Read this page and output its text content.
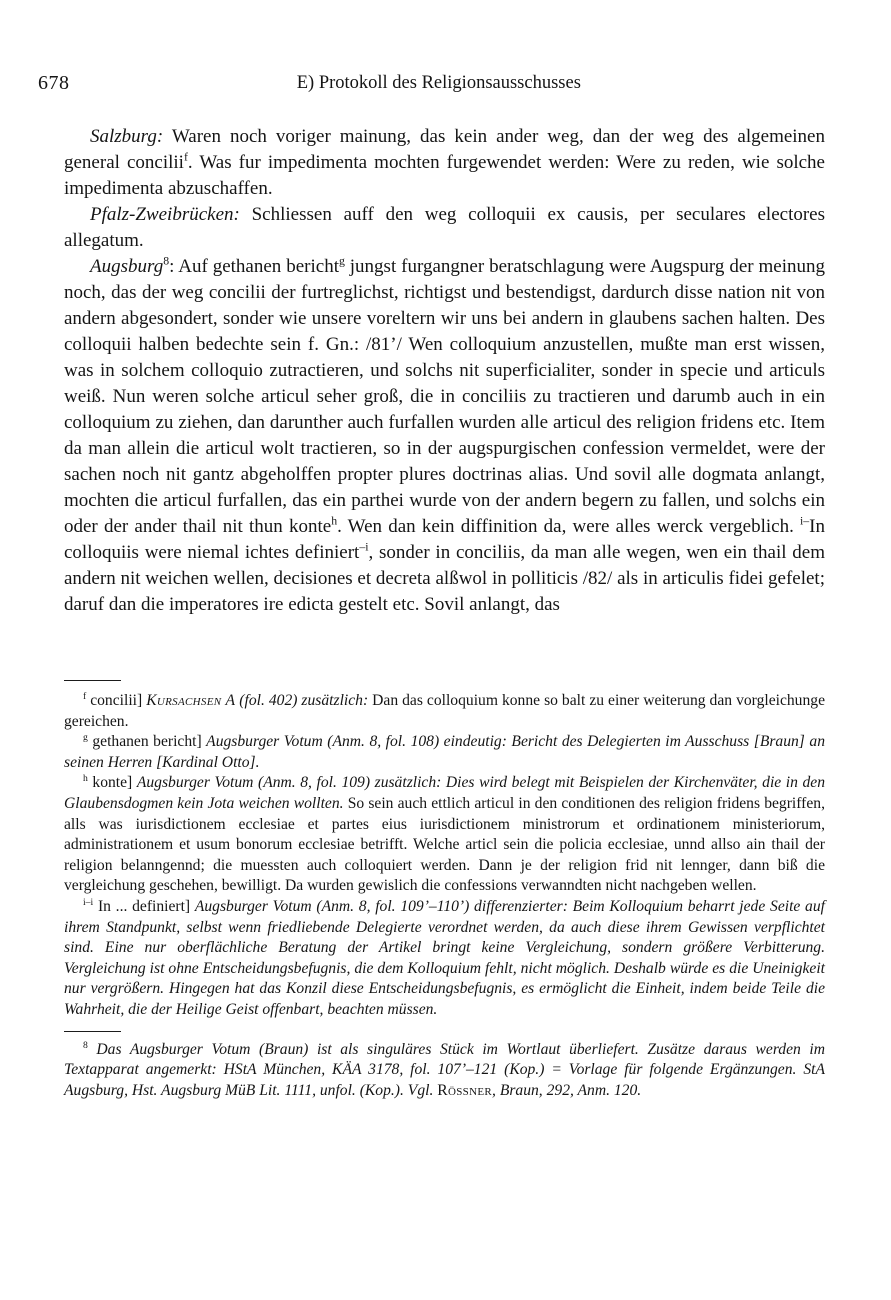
678	E) Protokoll des Religionsausschusses

Salzburg: Waren noch voriger mainung, das kein ander weg, dan der weg des algemeinen general concilii$^f$. Was fur impedimenta mochten furgewendet werden: Were zu reden, wie solche impedimenta abzuschaffen.

Pfalz-Zweibrücken: Schliessen auff den weg colloquii ex causis, per seculares electores allegatum.

Augsburg$^8$: Auf gethanen bericht$^g$ jungst furgangner beratschlagung were Augspurg der meinung noch, das der weg concilii der furtreglichst, richtigst und bestendigst, dardurch disse nation nit von andern abgesondert, sonder wie unsere voreltern wir uns bei andern in glaubens sachen halten. Des colloquii halben bedechte sein f. Gn.: /81’/ Wen colloquium anzustellen, mußte man erst wissen, was in solchem colloquio zutractieren, und solchs nit superficialiter, sonder in specie und articuls weiß. Nun weren solche articul seher groß, die in conciliis zu tractieren und darumb auch in ein colloquium zu ziehen, dan darunther auch furfallen wurden alle articul des religion fridens etc. Item da man allein die articul wolt tractieren, so in der augspurgischen confession vermeldet, were der sachen noch nit gantz abgeholffen propter plures doctrinas alias. Und sovil alle dogmata anlangt, mochten die articul furfallen, das ein parthei wurde von der andern begern zu fallen, und solchs ein oder der ander thail nit thun konte$^h$. Wen dan kein diffinition da, were alles werck vergeblich. $^{i-}$In colloquiis were niemal ichtes definiert$^{-i}$, sonder in conciliis, da man alle wegen, wen ein thail dem andern nit weichen wellen, decisiones et decreta alßwol in polliticis /82/ als in articulis fidei gefelet; daruf dan die imperatores ire edicta gestelt etc. Sovil anlangt, das

$^f$ concilii] Kursachsen A (fol. 402) zusätzlich: Dan das colloquium konne so balt zu einer weiterung dan vorgleichunge gereichen.

$^g$ gethanen bericht] Augsburger Votum (Anm. 8, fol. 108) eindeutig: Bericht des Delegierten im Ausschuss [Braun] an seinen Herren [Kardinal Otto].

$^h$ konte] Augsburger Votum (Anm. 8, fol. 109) zusätzlich: Dies wird belegt mit Beispielen der Kirchenväter, die in den Glaubensdogmen kein Jota weichen wollten. So sein auch ettlich articul in den conditionen des religion fridens begriffen, alls was iurisdictionem ecclesiae et partes eius iurisdictionem ministrorum et ordinationem ministeriorum, administrationem et usum bonorum ecclesiae betrifft. Welche articl sein die policia ecclesiae, unnd allso ain thail der religion belanngennd; die muessten auch colloquiert werden. Dann je der religion frid nit lennger, dann biß die vergleichung geschehen, bewilligt. Da wurden gewislich die confessions verwanndten nicht nachgeben wellen.

$^{i-i}$ In ... definiert] Augsburger Votum (Anm. 8, fol. 109’–110’) differenzierter: Beim Kolloquium beharrt jede Seite auf ihrem Standpunkt, selbst wenn friedliebende Delegierte verordnet werden, da auch diese ihrem Gewissen verpflichtet sind. Eine nur oberflächliche Beratung der Artikel bringt keine Vergleichung, sondern größere Verbitterung. Vergleichung ist ohne Entscheidungsbefugnis, die dem Kolloquium fehlt, nicht möglich. Deshalb würde es die Uneinigkeit nur vergrößern. Hingegen hat das Konzil diese Entscheidungsbefugnis, es ermöglicht die Einheit, indem beide Teile die Wahrheit, die der Heilige Geist offenbart, beachten müssen.

$^8$ Das Augsburger Votum (Braun) ist als singuläres Stück im Wortlaut überliefert. Zusätze daraus werden im Textapparat angemerkt: HStA München, KÄA 3178, fol. 107’–121 (Kop.) = Vorlage für folgende Ergänzungen. StA Augsburg, Hst. Augsburg MüB Lit. 1111, unfol. (Kop.). Vgl. Rössner, Braun, 292, Anm. 120.
